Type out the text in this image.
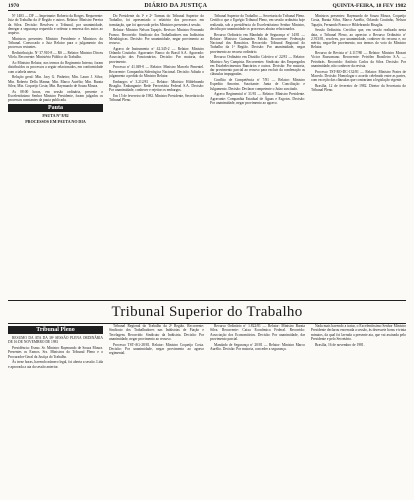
1970	DIÁRIO DA JUSTIÇA	QUINTA-FEIRA, 18 FEV 1982

Nº 1483 — DF — Impetrante: Roberto da Borges. Requerente: Juiz do Trabalho da 4ª Região e outros. Relator: Ministro Pereira da Silva. Decisão: Resolveu o Tribunal, por unanimidade, denegar a segurança requerida e ordenar a remessa dos autos ao arquivo.

Ministros presentes: Ministro Presidente e Ministros do Tribunal. Convocado o Juiz Relator para o julgamento dos processos restantes.

Redistribuição. Nº 37.910-8 — RS — Relator: Ministro Dirceu Vilela. Recorrente: Ministério Público do Trabalho.

Ao Ministro Relator, nos termos do Regimento Interno, foram distribuídos os processos a seguir relacionados, em conformidade com a tabela anexa.

Relação geral: Min. Jacy G. Pinheiro; Min. Lauro J. Silva; Min. Roberto Della Manna; Min. Marco Aurélio; Min. Barata Silva; Min. Coqueijo Costa; Min. Raymundo de Souza Moura.

As 08:00 horas, em sessão ordinária, presente o Excelentíssimo Senhor Ministro Presidente, foram julgados os processos constantes da pauta publicada.

Pauta
PAUTA Nº 8/82
PROCESSOS EM PAUTA NO DIA

Do Presidente da 1ª e 2ª Turmas do Tribunal Superior do Trabalho, foi apresentado o relatório dos processos em tramitação, que foi aprovado pelos Ministros presentes à sessão.

Relator: Ministro Nelson Tapajós. Revisor: Ministro Fernando Franco. Recorrido: Sindicato dos Trabalhadores nas Indústrias Metalúrgicas. Decisão: Por unanimidade, negar provimento ao recurso.

Agravo de Instrumento nº 42.345-2 — Relator: Ministro Orlando Coutinho. Agravante: Banco do Brasil S.A. Agravado: Associação dos Funcionários. Decisão: Por maioria, dar provimento.

Processo nº 41.049-0 — Relator: Ministro Marcelo Pimentel. Recorrente: Companhia Siderúrgica Nacional. Decisão: Adiado o julgamento a pedido do Ministro Relator.

Embargos nº 3.212/81 — Relator: Ministro Hildebrando Bisaglia. Embargante: Rede Ferroviária Federal S.A. Decisão: Por unanimidade, conhecer e rejeitar os embargos.

Em 15 de fevereiro de 1982. Ministro Presidente, Secretário do Tribunal Pleno.

Tribunal Superior do Trabalho — Secretaria do Tribunal Pleno. Certifico que o Egrégio Tribunal Pleno, em sessão ordinária hoje realizada, sob a presidência do Excelentíssimo Senhor Ministro, decidiu por unanimidade os processos abaixo relacionados.

Recurso Ordinário em Mandado de Segurança nº 14/81 — Relator: Ministro Guimarães Falcão. Recorrente: Federação Nacional dos Bancários. Recorrido: Tribunal Regional do Trabalho da 1ª Região. Decisão: Por unanimidade, negar provimento ao recurso ordinário.

Recurso Ordinário em Dissídio Coletivo nº 22/81 — Relator: Ministro Ary Campista. Recorrentes: Sindicato dos Empregados em Estabelecimentos Bancários e outros. Decisão: Por maioria, dar provimento parcial ao recurso para excluir da condenação as cláusulas impugnadas.

Conflito de Competência nº 7/81 — Relator: Ministro Expedito Amorim. Suscitante: Junta de Conciliação e Julgamento. Decisão: Declarar competente o Juízo suscitado.

Agravo Regimental nº 31/81 — Relator: Ministro Presidente. Agravante: Companhia Estadual de Águas e Esgotos. Decisão: Por unanimidade, negar provimento ao agravo.

Ministros presentes: Raymundo de Souza Moura, Coqueijo Costa, Barata Silva, Marco Aurélio, Orlando Coutinho, Nelson Tapajós, Fernando Franco e Hildebrando Bisaglia.

Sessão Ordinária. Certifico que, em sessão realizada nesta data, o Tribunal Pleno, ao apreciar o Recurso Ordinário nº 2.913/81, resolveu, por unanimidade, conhecer do recurso e, no mérito, negar-lhe provimento, nos termos do voto do Ministro Relator.

Recurso de Revista nº 4.117/80 — Relator: Ministro Mozart Victor Russomano. Recorrente: Petróleo Brasileiro S.A. — Petrobrás. Recorrido: Antônio Carlos da Silva. Decisão: Por unanimidade, não conhecer da revista.

Processo TST-RO-DC-132/81 — Relator: Ministro Prates de Macedo. Decisão: Homologar o acordo celebrado entre as partes, com exceção das cláusulas que contrariam a legislação vigente.

Brasília, 12 de fevereiro de 1982. Diretor da Secretaria do Tribunal Pleno.

Tribunal Superior do Trabalho
Tribunal Pleno

RESUMO DA ATA DA 38ª SESSÃO PLENA ORDINÁRIA DE 16 DE NOVEMBRO DE 1981

Presidência: Exmo. Sr. Ministro Raymundo de Souza Moura. Presentes os Exmos. Srs. Ministros do Tribunal Pleno e o Procurador-Geral da Justiça do Trabalho.

Às treze horas, havendo número legal, foi aberta a sessão. Lida e aprovada a ata da sessão anterior.

Tribunal Regional do Trabalho da 2ª Região. Recorrente: Sindicato dos Trabalhadores nas Indústrias de Fiação e Tecelagem. Recorrido: Sindicato da Indústria. Decisão: Por unanimidade, negar provimento ao recurso.

Processo TST-AG-28/81. Relator: Ministro Coqueijo Costa. Decisão: Por unanimidade, negar provimento ao agravo regimental.

Recurso Ordinário nº 1.822/81 — Relator: Ministro Barata Silva. Recorrente: Caixa Econômica Federal. Recorrido: Associação dos Economiários. Decisão: Por unanimidade, dar provimento parcial.

Mandado de Segurança nº 20/81 — Relator: Ministro Marco Aurélio. Decisão: Por maioria, conceder a segurança.

Nada mais havendo a tratar, o Excelentíssimo Senhor Ministro Presidente declarou encerrada a sessão, às dezessete horas e trinta minutos, da qual foi lavrada a presente ata, que vai assinada pelo Presidente e pelo Secretário.

Brasília, 16 de novembro de 1981.
